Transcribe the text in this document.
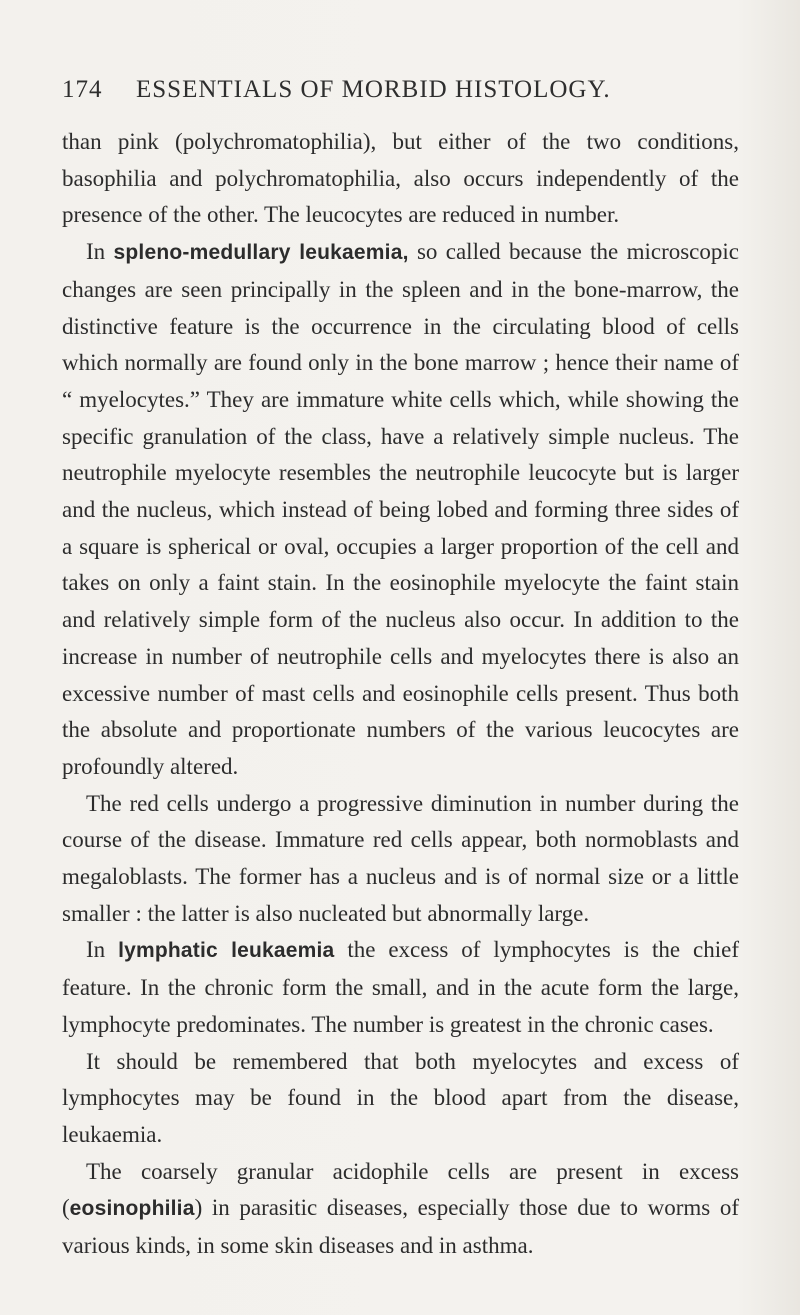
174 ESSENTIALS OF MORBID HISTOLOGY.

than pink (polychromatophilia), but either of the two conditions, basophilia and polychromatophilia, also occurs independently of the presence of the other. The leucocytes are reduced in number.

In spleno-medullary leukaemia, so called because the microscopic changes are seen principally in the spleen and in the bone-marrow, the distinctive feature is the occurrence in the circulating blood of cells which normally are found only in the bone marrow ; hence their name of “ myelocytes.” They are immature white cells which, while showing the specific granulation of the class, have a relatively simple nucleus. The neutrophile myelocyte resembles the neutrophile leucocyte but is larger and the nucleus, which instead of being lobed and forming three sides of a square is spherical or oval, occupies a larger proportion of the cell and takes on only a faint stain. In the eosinophile myelocyte the faint stain and relatively simple form of the nucleus also occur. In addition to the increase in number of neutrophile cells and myelocytes there is also an excessive number of mast cells and eosinophile cells present. Thus both the absolute and proportionate numbers of the various leucocytes are profoundly altered.

The red cells undergo a progressive diminution in number during the course of the disease. Immature red cells appear, both normoblasts and megaloblasts. The former has a nucleus and is of normal size or a little smaller : the latter is also nucleated but abnormally large.

In lymphatic leukaemia the excess of lymphocytes is the chief feature. In the chronic form the small, and in the acute form the large, lymphocyte predominates. The number is greatest in the chronic cases.

It should be remembered that both myelocytes and excess of lymphocytes may be found in the blood apart from the disease, leukaemia.

The coarsely granular acidophile cells are present in excess (eosinophilia) in parasitic diseases, especially those due to worms of various kinds, in some skin diseases and in asthma.
